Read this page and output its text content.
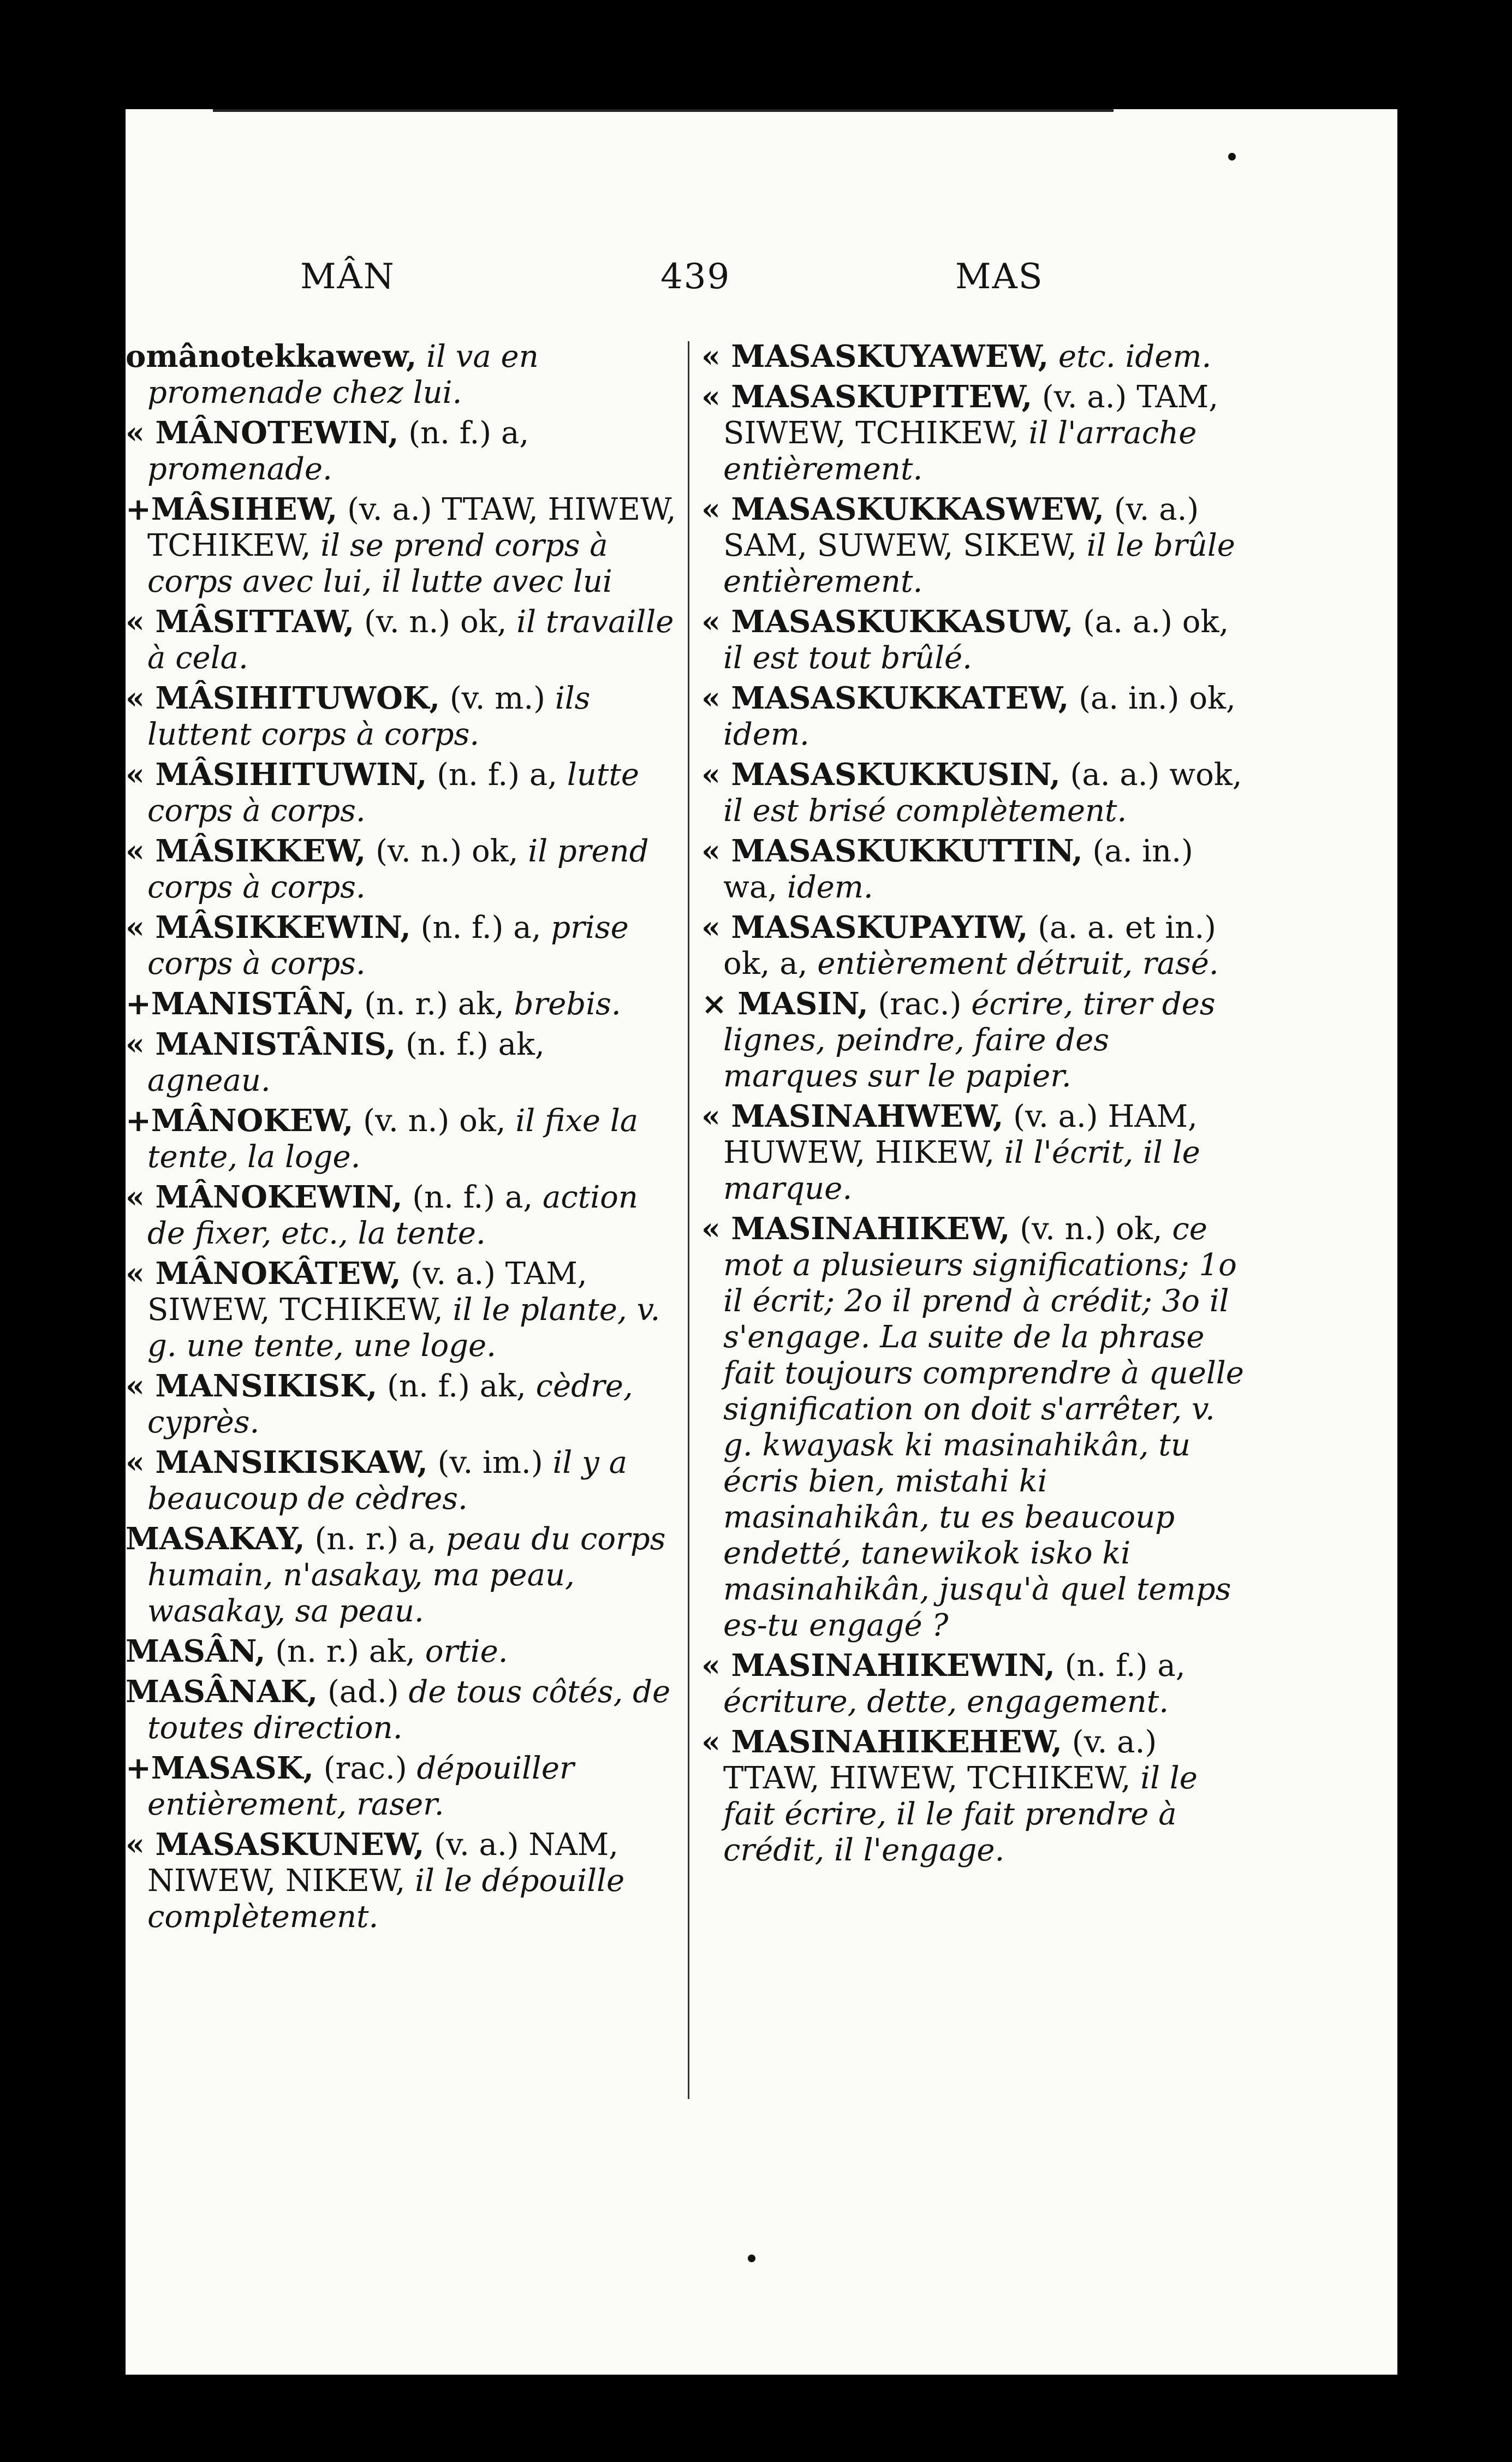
MÂN	439	MAS
omânotekkawew, il va en promenade chez lui.
« MÂNOTEWIN, (n. f.) a, promenade.
+MÂSIHEW, (v. a.) TTAW, HIWEW, TCHIKEW, il se prend corps à corps avec lui, il lutte avec lui
« MÂSITTAW, (v. n.) ok, il travaille à cela.
« MÂSIHITUWOK, (v. m.) ils luttent corps à corps.
« MÂSIHITUWIN, (n. f.) a, lutte corps à corps.
« MÂSIKKEW, (v. n.) ok, il prend corps à corps.
« MÂSIKKEWIN, (n. f.) a, prise corps à corps.
+MANISTÂN, (n. r.) ak, brebis.
« MANISTÂNIS, (n. f.) ak, agneau.
+MÂNOKEW, (v. n.) ok, il fixe la tente, la loge.
« MÂNOKEWIN, (n. f.) a, action de fixer, etc., la tente.
« MÂNOKÂTEW, (v. a.) TAM, SIWEW, TCHIKEW, il le plante, v. g. une tente, une loge.
« MANSIKISK, (n. f.) ak, cèdre, cyprès.
« MANSIKISKAW, (v. im.) il y a beaucoup de cèdres.
MASAKAY, (n. r.) a, peau du corps humain, n'asakay, ma peau, wasakay, sa peau.
MASÂN, (n. r.) ak, ortie.
MASÂNAK, (ad.) de tous côtés, de toutes direction.
+MASASK, (rac.) dépouiller entièrement, raser.
« MASASKUNEW, (v. a.) NAM, NIWEW, NIKEW, il le dépouille complètement.
« MASASKUYAWEW, etc. idem.
« MASASKUPITEW, (v. a.) TAM, SIWEW, TCHIKEW, il l'arrache entièrement.
« MASASKUKKASWEW, (v. a.) SAM, SUWEW, SIKEW, il le brûle entièrement.
« MASASKUKKASUW, (a. a.) ok, il est tout brûlé.
« MASASKUKKATEW, (a. in.) ok, idem.
« MASASKUKKUSIN, (a. a.) wok, il est brisé complètement.
« MASASKUKKUTTIN, (a. in.) wa, idem.
« MASASKUPAYIW, (a. a. et in.) ok, a, entièrement détruit, rasé.
× MASIN, (rac.) écrire, tirer des lignes, peindre, faire des marques sur le papier.
« MASINAHWEW, (v. a.) HAM, HUWEW, HIKEW, il l'écrit, il le marque.
« MASINAHIKEW, (v. n.) ok, ce mot a plusieurs significations; 1o il écrit; 2o il prend à crédit; 3o il s'engage. La suite de la phrase fait toujours comprendre à quelle signification on doit s'arrêter, v. g. kwayask ki masinahikân, tu écris bien, mistahi ki masinahikân, tu es beaucoup endetté, tanewikok isko ki masinahikân, jusqu'à quel temps es-tu engagé ?
« MASINAHIKEWIN, (n. f.) a, écriture, dette, engagement.
« MASINAHIKEHEW, (v. a.) TTAW, HIWEW, TCHIKEW, il le fait écrire, il le fait prendre à crédit, il l'engage.
